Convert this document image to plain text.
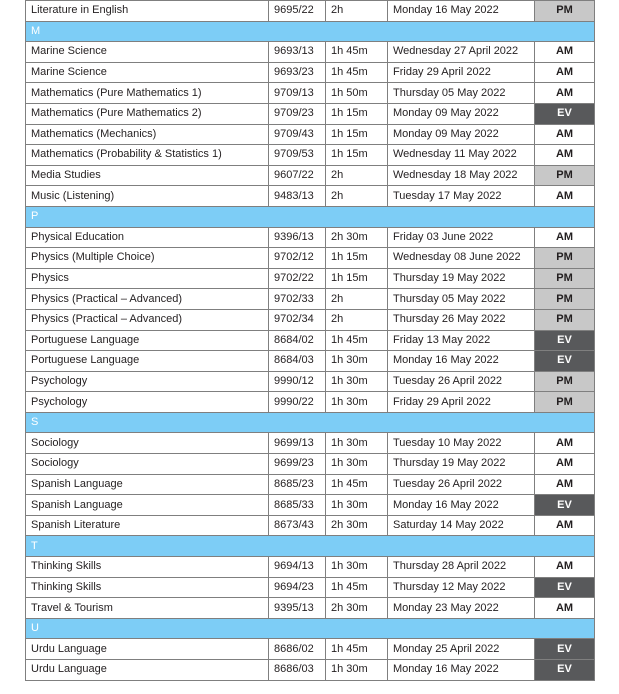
Literature in English	9695/22	2h	Monday 16 May 2022	PM
M				
Marine Science	9693/13	1h 45m	Wednesday 27 April 2022	AM
Marine Science	9693/23	1h 45m	Friday 29 April 2022	AM
Mathematics (Pure Mathematics 1)	9709/13	1h 50m	Thursday 05 May 2022	AM
Mathematics (Pure Mathematics 2)	9709/23	1h 15m	Monday 09 May 2022	EV
Mathematics (Mechanics)	9709/43	1h 15m	Monday 09 May 2022	AM
Mathematics (Probability & Statistics 1)	9709/53	1h 15m	Wednesday 11 May 2022	AM
Media Studies	9607/22	2h	Wednesday 18 May 2022	PM
Music (Listening)	9483/13	2h	Tuesday 17 May 2022	AM
P				
Physical Education	9396/13	2h 30m	Friday 03 June 2022	AM
Physics (Multiple Choice)	9702/12	1h 15m	Wednesday 08 June 2022	PM
Physics	9702/22	1h 15m	Thursday 19 May 2022	PM
Physics (Practical – Advanced)	9702/33	2h	Thursday 05 May 2022	PM
Physics (Practical – Advanced)	9702/34	2h	Thursday 26 May 2022	PM
Portuguese Language	8684/02	1h 45m	Friday 13 May 2022	EV
Portuguese Language	8684/03	1h 30m	Monday 16 May 2022	EV
Psychology	9990/12	1h 30m	Tuesday 26 April 2022	PM
Psychology	9990/22	1h 30m	Friday 29 April 2022	PM
S				
Sociology	9699/13	1h 30m	Tuesday 10 May 2022	AM
Sociology	9699/23	1h 30m	Thursday 19 May 2022	AM
Spanish Language	8685/23	1h 45m	Tuesday 26 April 2022	AM
Spanish Language	8685/33	1h 30m	Monday 16 May 2022	EV
Spanish Literature	8673/43	2h 30m	Saturday 14 May 2022	AM
T				
Thinking Skills	9694/13	1h 30m	Thursday 28 April 2022	AM
Thinking Skills	9694/23	1h 45m	Thursday 12 May 2022	EV
Travel & Tourism	9395/13	2h 30m	Monday 23 May 2022	AM
U				
Urdu Language	8686/02	1h 45m	Monday 25 April 2022	EV
Urdu Language	8686/03	1h 30m	Monday 16 May 2022	EV
